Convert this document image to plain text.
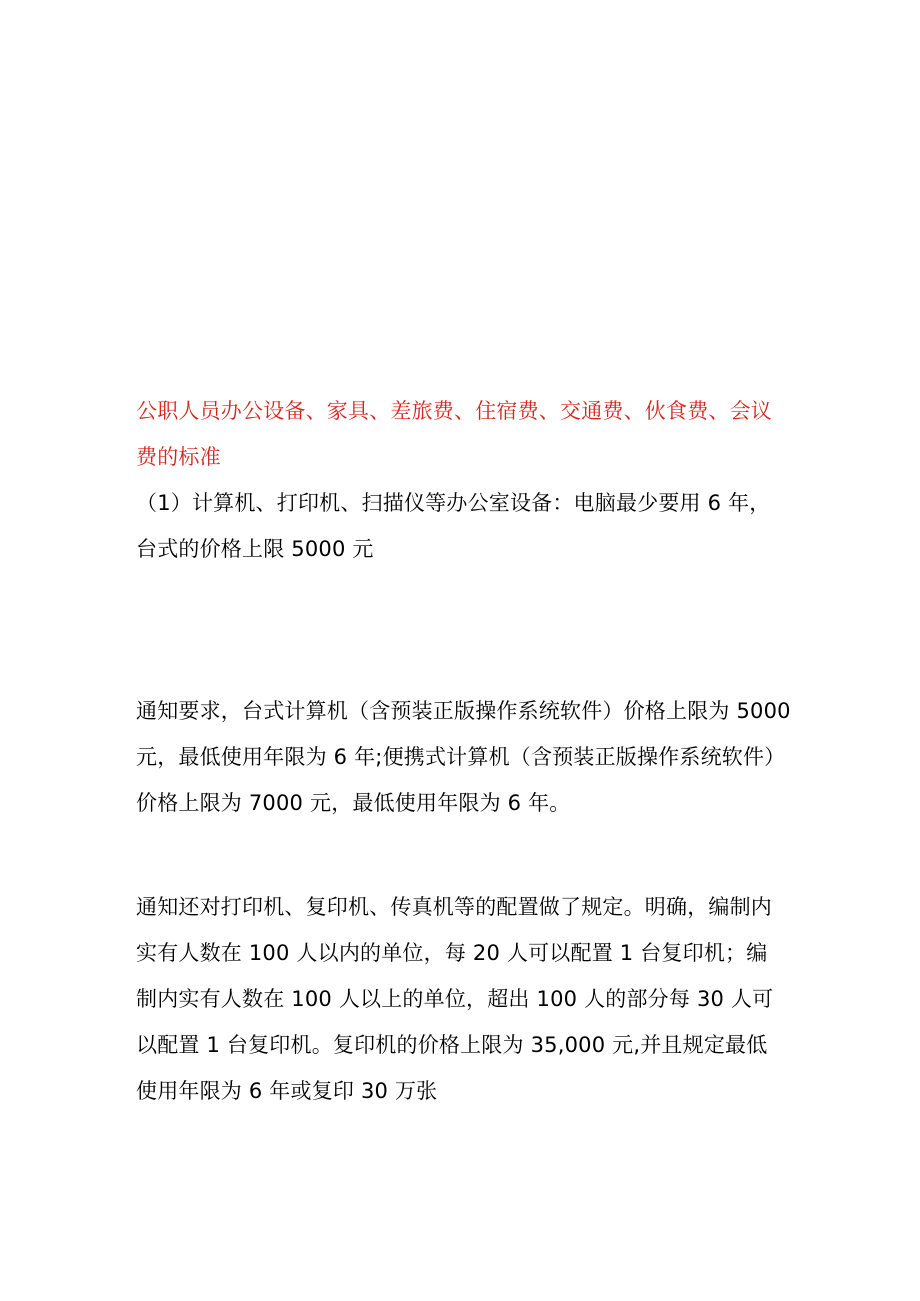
公职人员办公设备、家具、差旅费、住宿费、交通费、伙食费、会议
费的标准

（1）计算机、打印机、扫描仪等办公室设备：电脑最少要用 6 年，
台式的价格上限 5000 元

通知要求，台式计算机（含预装正版操作系统软件）价格上限为 5000
元，最低使用年限为 6 年;便携式计算机（含预装正版操作系统软件）
价格上限为 7000 元，最低使用年限为 6 年。

通知还对打印机、复印机、传真机等的配置做了规定。明确，编制内
实有人数在 100 人以内的单位，每 20 人可以配置 1 台复印机；编
制内实有人数在 100 人以上的单位，超出 100 人的部分每 30 人可
以配置 1 台复印机。复印机的价格上限为 35,000 元,并且规定最低
使用年限为 6 年或复印 30 万张
